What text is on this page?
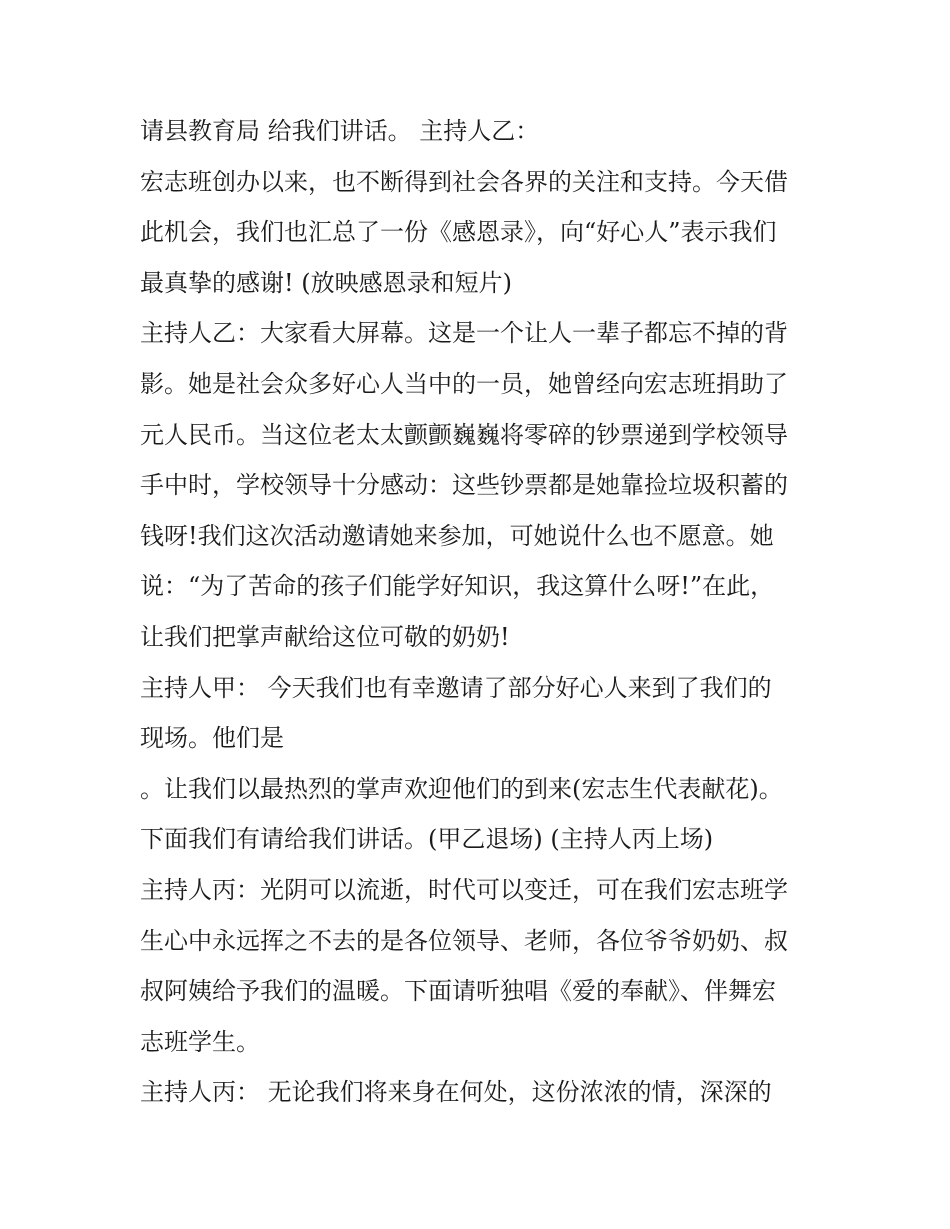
请县教育局 给我们讲话。 主持人乙：
宏志班创办以来，也不断得到社会各界的关注和支持。今天借
此机会，我们也汇总了一份《感恩录》，向“好心人”表示我们
最真挚的感谢! (放映感恩录和短片)
主持人乙：大家看大屏幕。这是一个让人一辈子都忘不掉的背
影。她是社会众多好心人当中的一员，她曾经向宏志班捐助了
元人民币。当这位老太太颤颤巍巍将零碎的钞票递到学校领导
手中时，学校领导十分感动：这些钞票都是她靠捡垃圾积蓄的
钱呀!我们这次活动邀请她来参加，可她说什么也不愿意。她
说：“为了苦命的孩子们能学好知识，我这算什么呀!”在此，
让我们把掌声献给这位可敬的奶奶!
主持人甲： 今天我们也有幸邀请了部分好心人来到了我们的
现场。他们是
。让我们以最热烈的掌声欢迎他们的到来(宏志生代表献花)。
下面我们有请给我们讲话。(甲乙退场) (主持人丙上场)
主持人丙：光阴可以流逝，时代可以变迁，可在我们宏志班学
生心中永远挥之不去的是各位领导、老师，各位爷爷奶奶、叔
叔阿姨给予我们的温暖。下面请听独唱《爱的奉献》、伴舞宏
志班学生。
主持人丙： 无论我们将来身在何处，这份浓浓的情，深深的
